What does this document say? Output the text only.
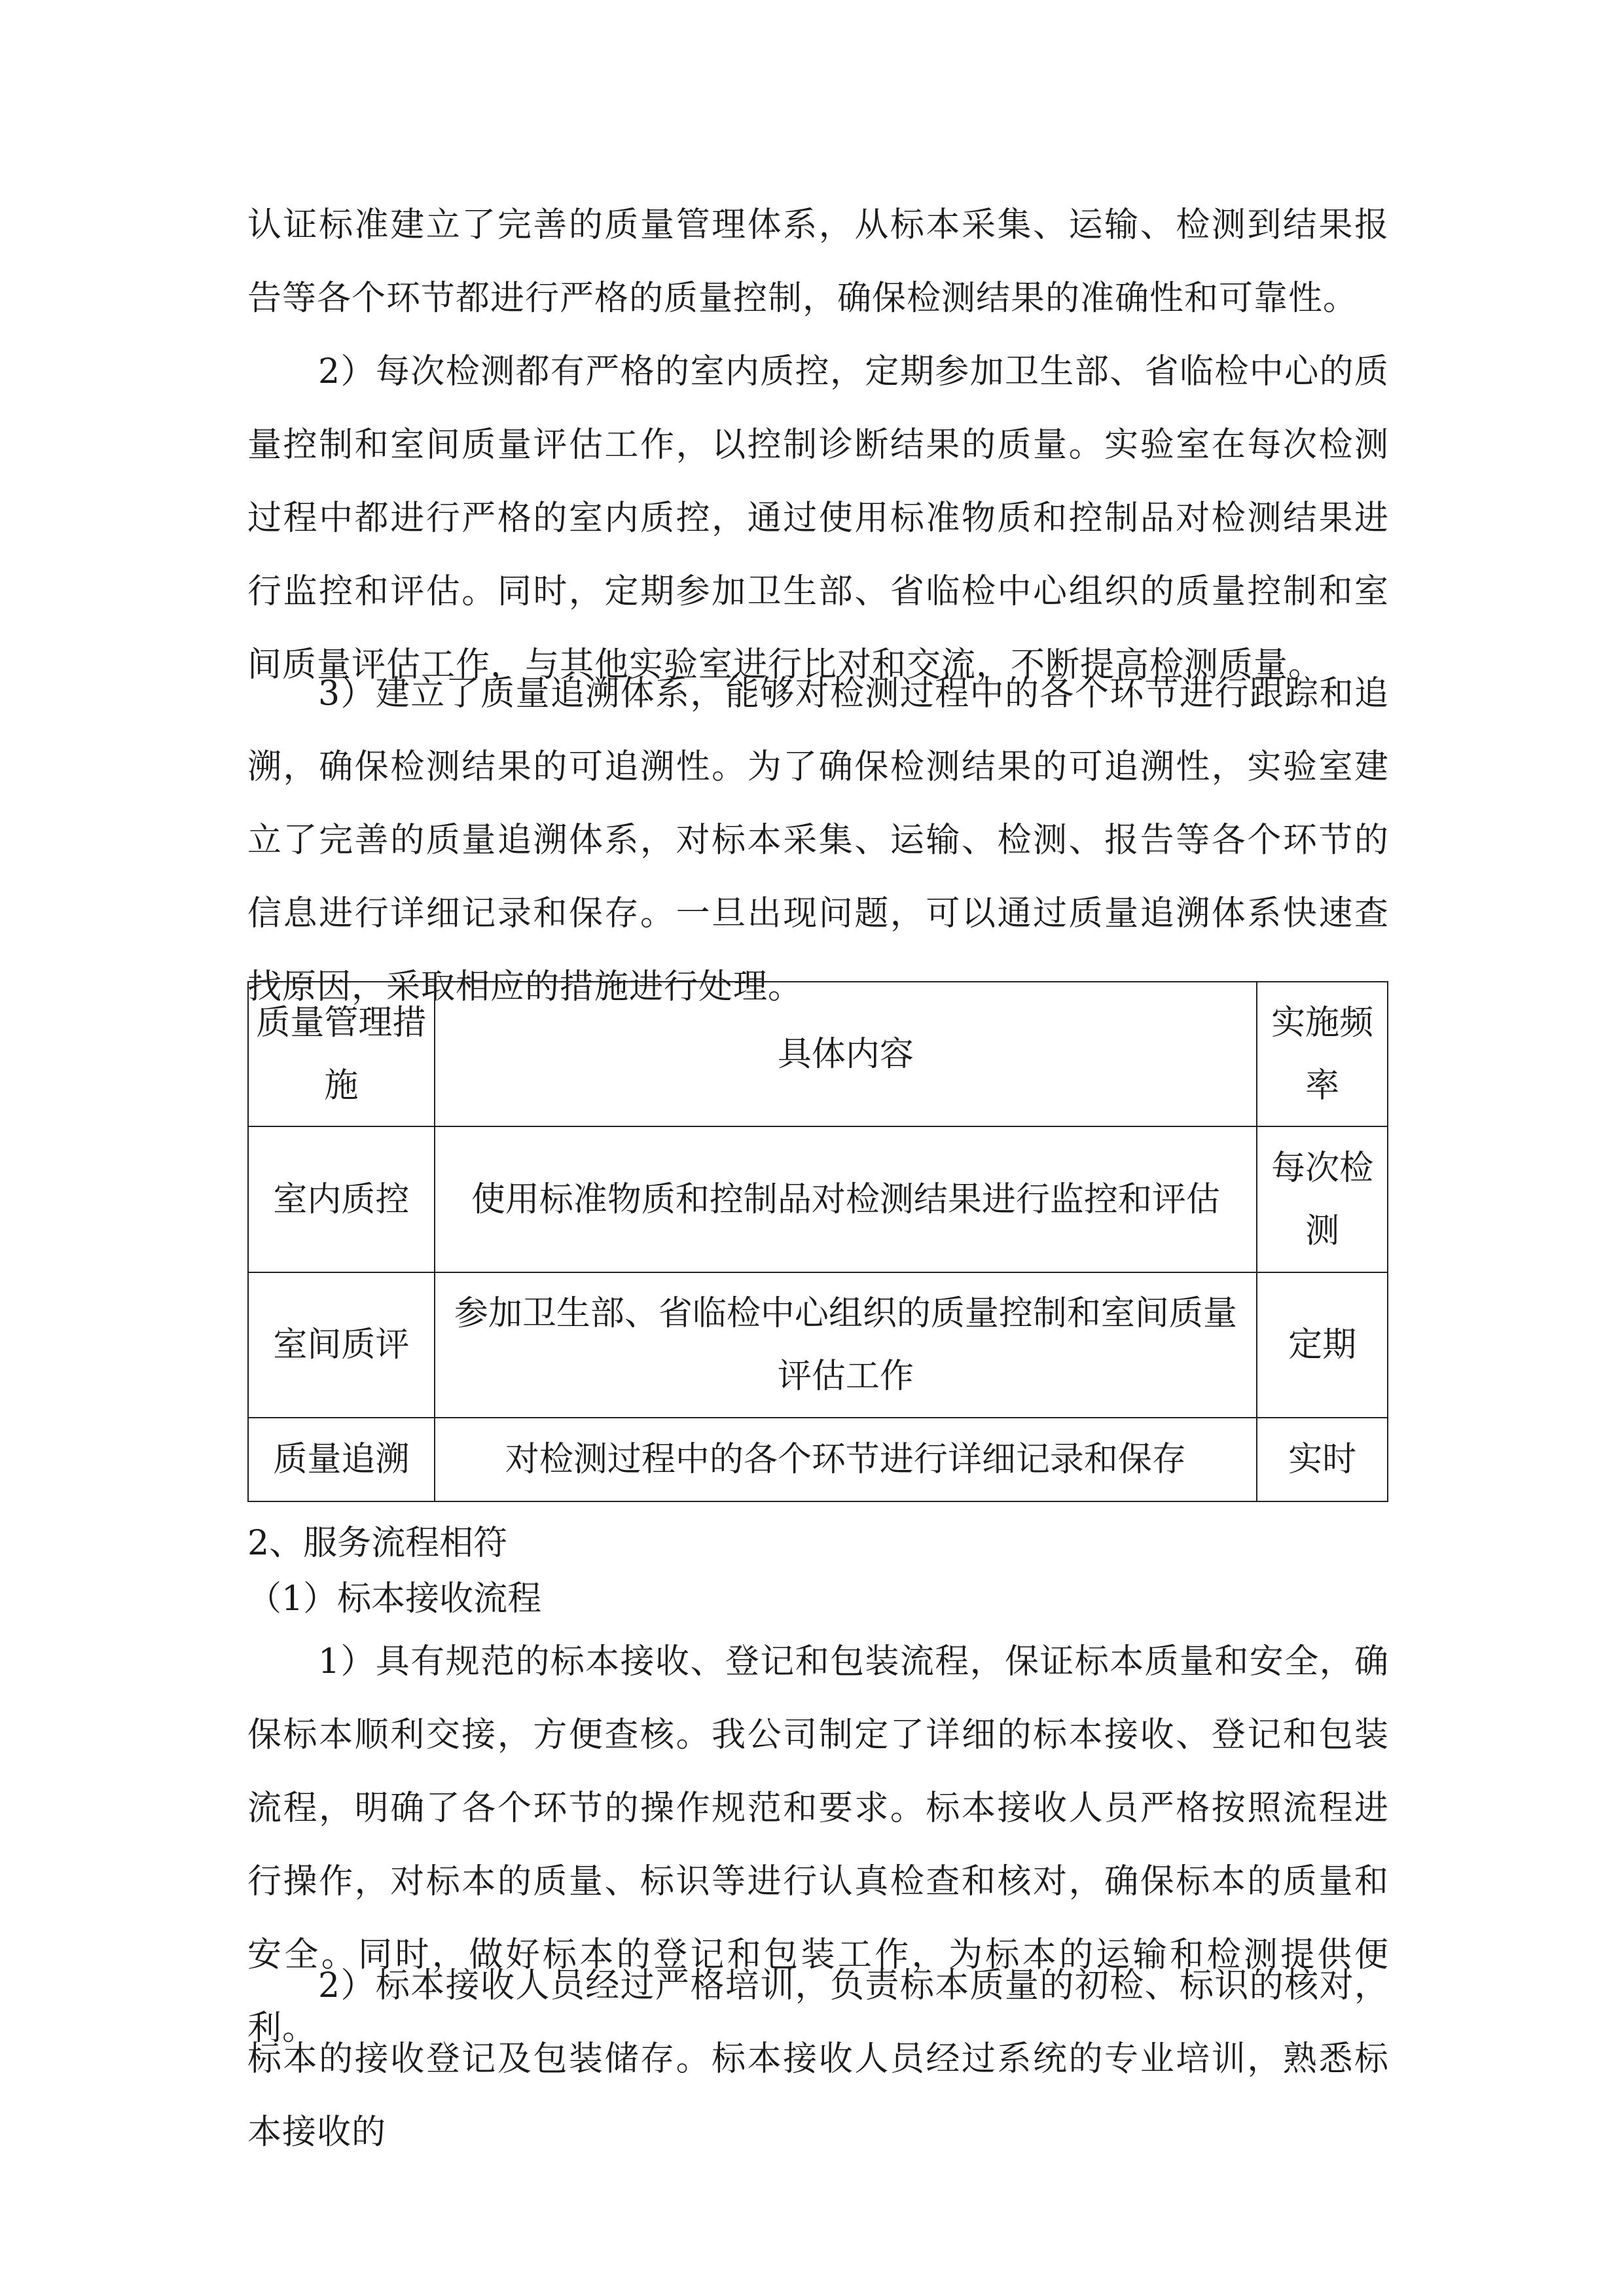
认证标准建立了完善的质量管理体系，从标本采集、运输、检测到结果报告等各个环节都进行严格的质量控制，确保检测结果的准确性和可靠性。

2）每次检测都有严格的室内质控，定期参加卫生部、省临检中心的质量控制和室间质量评估工作，以控制诊断结果的质量。实验室在每次检测过程中都进行严格的室内质控，通过使用标准物质和控制品对检测结果进行监控和评估。同时，定期参加卫生部、省临检中心组织的质量控制和室间质量评估工作，与其他实验室进行比对和交流，不断提高检测质量。

3）建立了质量追溯体系，能够对检测过程中的各个环节进行跟踪和追溯，确保检测结果的可追溯性。为了确保检测结果的可追溯性，实验室建立了完善的质量追溯体系，对标本采集、运输、检测、报告等各个环节的信息进行详细记录和保存。一旦出现问题，可以通过质量追溯体系快速查找原因，采取相应的措施进行处理。

质量管理措施	具体内容	实施频率
室内质控	使用标准物质和控制品对检测结果进行监控和评估	每次检测
室间质评	参加卫生部、省临检中心组织的质量控制和室间质量评估工作	定期
质量追溯	对检测过程中的各个环节进行详细记录和保存	实时

2、服务流程相符

（1）标本接收流程

1）具有规范的标本接收、登记和包装流程，保证标本质量和安全，确保标本顺利交接，方便查核。我公司制定了详细的标本接收、登记和包装流程，明确了各个环节的操作规范和要求。标本接收人员严格按照流程进行操作，对标本的质量、标识等进行认真检查和核对，确保标本的质量和安全。同时，做好标本的登记和包装工作，为标本的运输和检测提供便利。

2）标本接收人员经过严格培训，负责标本质量的初检、标识的核对，标本的接收登记及包装储存。标本接收人员经过系统的专业培训，熟悉标本接收的
